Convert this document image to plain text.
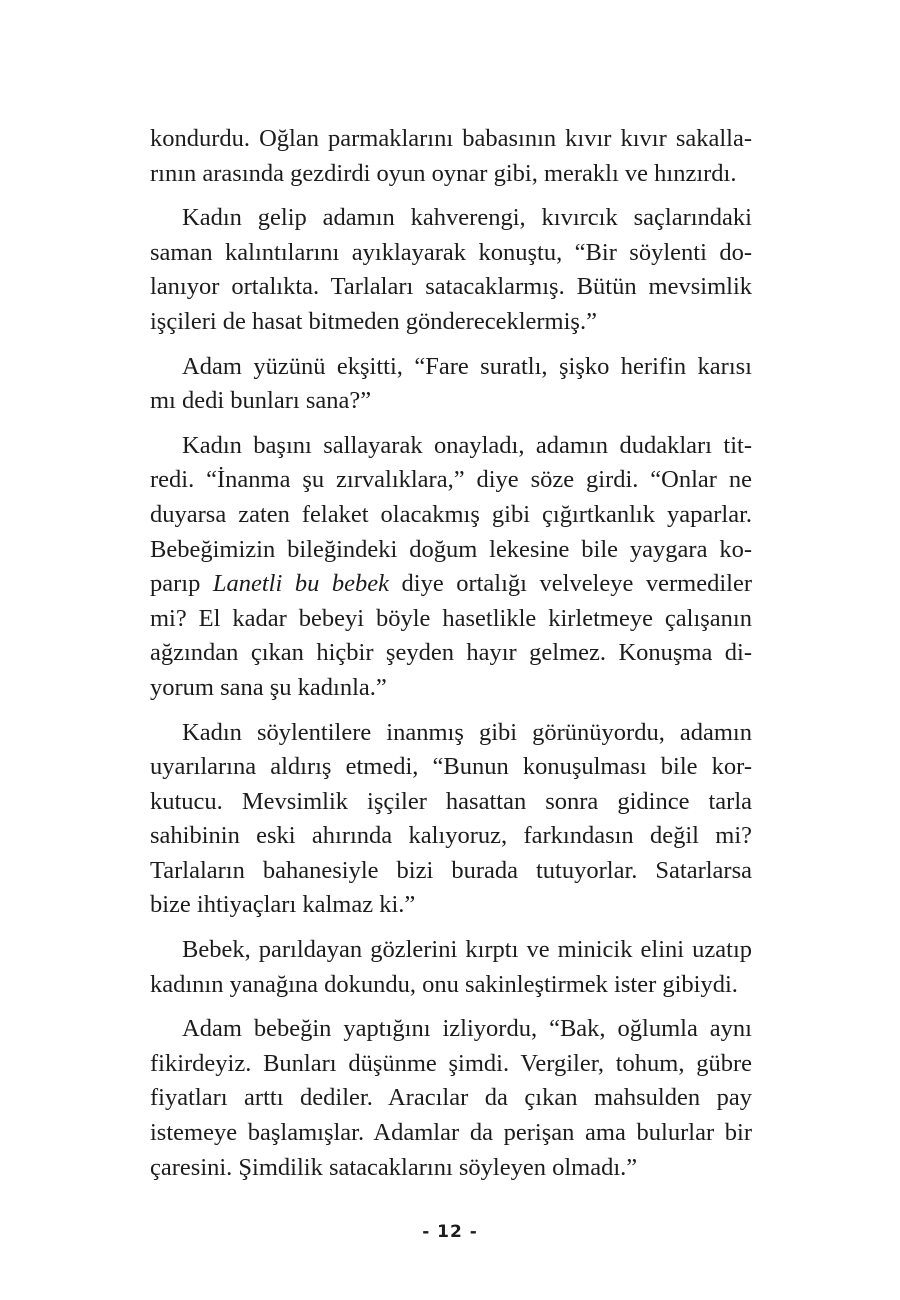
kondurdu. Oğlan parmaklarını babasının kıvır kıvır sakalla-
rının arasında gezdirdi oyun oynar gibi, meraklı ve hınzırdı.

Kadın gelip adamın kahverengi, kıvırcık saçlarındaki
saman kalıntılarını ayıklayarak konuştu, “Bir söylenti do-
lanıyor ortalıkta. Tarlaları satacaklarmış. Bütün mevsimlik
işçileri de hasat bitmeden göndereceklermiş.”

Adam yüzünü ekşitti, “Fare suratlı, şişko herifin karısı
mı dedi bunları sana?”

Kadın başını sallayarak onayladı, adamın dudakları tit-
redi. “İnanma şu zırvalıklara,” diye söze girdi. “Onlar ne
duyarsa zaten felaket olacakmış gibi çığırtkanlık yaparlar.
Bebeğimizin bileğindeki doğum lekesine bile yaygara ko-
parıp Lanetli bu bebek diye ortalığı velveleye vermediler
mi? El kadar bebeyi böyle hasetlikle kirletmeye çalışanın
ağzından çıkan hiçbir şeyden hayır gelmez. Konuşma di-
yorum sana şu kadınla.”

Kadın söylentilere inanmış gibi görünüyordu, adamın
uyarılarına aldırış etmedi, “Bunun konuşulması bile kor-
kutucu. Mevsimlik işçiler hasattan sonra gidince tarla
sahibinin eski ahırında kalıyoruz, farkındasın değil mi?
Tarlaların bahanesiyle bizi burada tutuyorlar. Satarlarsa
bize ihtiyaçları kalmaz ki.”

Bebek, parıldayan gözlerini kırptı ve minicik elini uzatıp
kadının yanağına dokundu, onu sakinleştirmek ister gibiydi.

Adam bebeğin yaptığını izliyordu, “Bak, oğlumla aynı
fikirdeyiz. Bunları düşünme şimdi. Vergiler, tohum, gübre
fiyatları arttı dediler. Aracılar da çıkan mahsulden pay
istemeye başlamışlar. Adamlar da perişan ama bulurlar bir
çaresini. Şimdilik satacaklarını söyleyen olmadı.”

- 12 -
